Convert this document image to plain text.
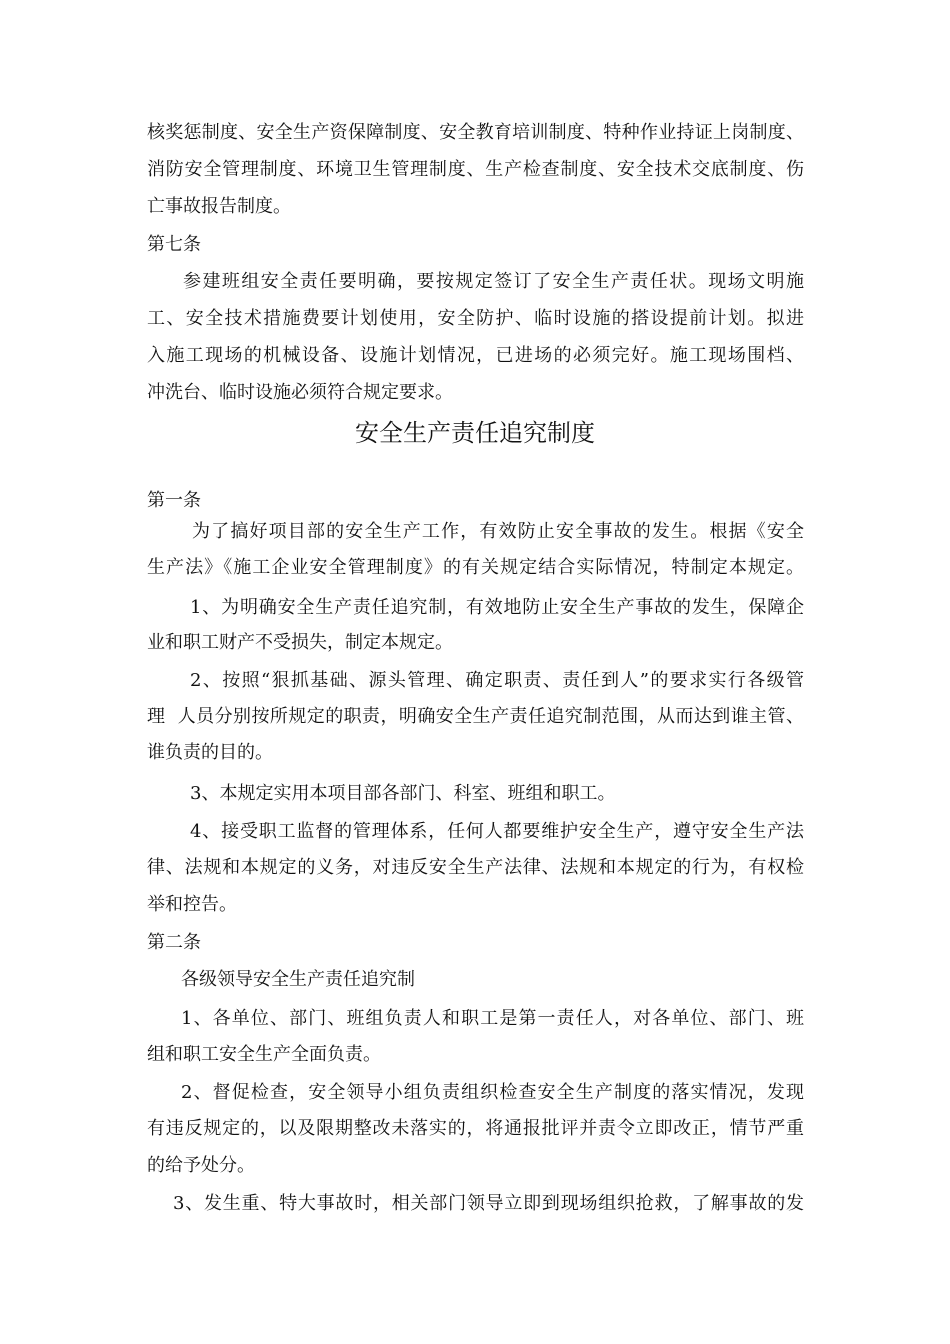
核奖惩制度、安全生产资保障制度、安全教育培训制度、特种作业持证上岗制度、
消防安全管理制度、环境卫生管理制度、生产检查制度、安全技术交底制度、伤
亡事故报告制度。
第七条
参建班组安全责任要明确，要按规定签订了安全生产责任状。现场文明施
工、安全技术措施费要计划使用，安全防护、临时设施的搭设提前计划。拟进
入施工现场的机械设备、设施计划情况，已进场的必须完好。施工现场围档、
冲洗台、临时设施必须符合规定要求。
安全生产责任追究制度
第一条
为了搞好项目部的安全生产工作，有效防止安全事故的发生。根据《安全
生产法》《施工企业安全管理制度》的有关规定结合实际情况，特制定本规定。
1、为明确安全生产责任追究制，有效地防止安全生产事故的发生，保障企
业和职工财产不受损失，制定本规定。
2、按照“狠抓基础、源头管理、确定职责、责任到人”的要求实行各级管
理  人员分别按所规定的职责，明确安全生产责任追究制范围，从而达到谁主管、
谁负责的目的。
3、本规定实用本项目部各部门、科室、班组和职工。
4、接受职工监督的管理体系，任何人都要维护安全生产，遵守安全生产法
律、法规和本规定的义务，对违反安全生产法律、法规和本规定的行为，有权检
举和控告。
第二条
各级领导安全生产责任追究制
1、各单位、部门、班组负责人和职工是第一责任人，对各单位、部门、班
组和职工安全生产全面负责。
2、督促检查，安全领导小组负责组织检查安全生产制度的落实情况，发现
有违反规定的，以及限期整改未落实的，将通报批评并责令立即改正，情节严重
的给予处分。
3、发生重、特大事故时，相关部门领导立即到现场组织抢救，了解事故的发
